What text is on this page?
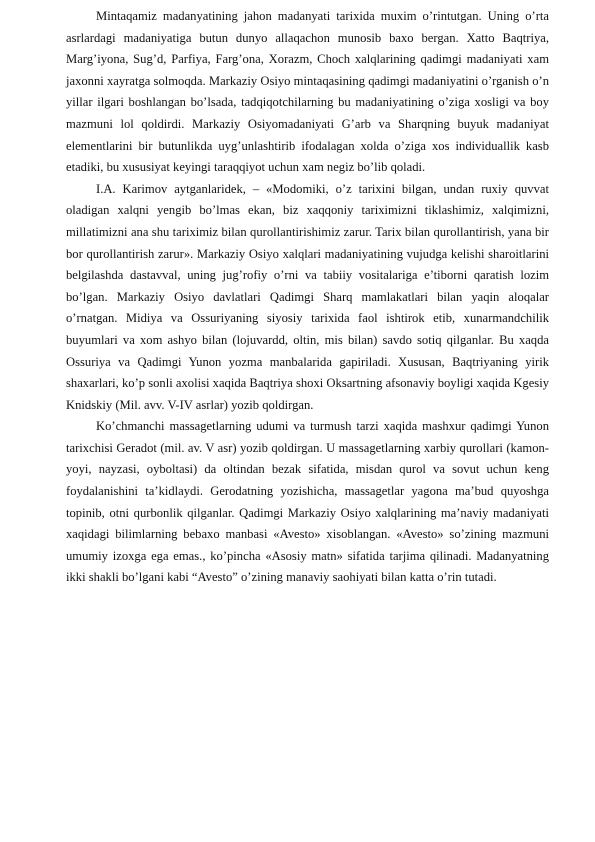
Mintaqamiz madanyatining jahon madanyati tarixida muxim o’rintutgan. Uning o’rta asrlardagi madaniyatiga butun dunyo allaqachon munosib baxo bergan. Xatto Baqtriya, Marg’iyona, Sug’d, Parfiya, Farg’ona, Xorazm, Choch xalqlarining qadimgi madaniyati xam jaxonni xayratga solmoqda. Markaziy Osiyo mintaqasining qadimgi madaniyatini o’rganish o’n yillar ilgari boshlangan bo’lsada, tadqiqotchilarning bu madaniyatining o’ziga xosligi va boy mazmuni lol qoldirdi. Markaziy Osiyomadaniyati G’arb va Sharqning buyuk madaniyat elementlarini bir butunlikda uyg’unlashtirib ifodalagan xolda o’ziga xos individuallik kasb etadiki, bu xususiyat keyingi taraqqiyot uchun xam negiz bo’lib qoladi.

I.A. Karimov aytganlaridek, – «Modomiki, o’z tarixini bilgan, undan ruxiy quvvat oladigan xalqni yengib bo’lmas ekan, biz xaqqoniy tariximizni tiklashimiz, xalqimizni, millatimizni ana shu tariximiz bilan qurollantirishimiz zarur. Tarix bilan qurollantirish, yana bir bor qurollantirish zarur». Markaziy Osiyo xalqlari madaniyatining vujudga kelishi sharoitlarini belgilashda dastavval, uning jug’rofiy o’rni va tabiiy vositalariga e’tiborni qaratish lozim bo’lgan. Markaziy Osiyo davlatlari Qadimgi Sharq mamlakatlari bilan yaqin aloqalar o’rnatgan. Midiya va Ossuriyaning siyosiy tarixida faol ishtirok etib, xunarmandchilik buyumlari va xom ashyo bilan (lojuvardd, oltin, mis bilan) savdo sotiq qilganlar. Bu xaqda Ossuriya va Qadimgi Yunon yozma manbalarida gapiriladi. Xususan, Baqtriyaning yirik shaxarlari, ko’p sonli axolisi xaqida Baqtriya shoxi Oksartning afsonaviy boyligi xaqida Kgesiy Knidskiy (Mil. avv. V-IV asrlar) yozib qoldirgan.

Ko’chmanchi massagetlarning udumi va turmush tarzi xaqida mashxur qadimgi Yunon tarixchisi Geradot (mil. av. V asr) yozib qoldirgan. U massagetlarning xarbiy qurollari (kamon-yoyi, nayzasi, oyboltasi) da oltindan bezak sifatida, misdan qurol va sovut uchun keng foydalanishini ta’kidlaydi. Gerodatning yozishicha, massagetlar yagona ma’bud quyoshga topinib, otni qurbonlik qilganlar. Qadimgi Markaziy Osiyo xalqlarining ma’naviy madaniyati xaqidagi bilimlarning bebaxo manbasi «Avesto» xisoblangan. «Avesto» so’zining mazmuni umumiy izoxga ega emas., ko’pincha «Asosiy matn» sifatida tarjima qilinadi. Madanyatning ikki shakli bo’lgani kabi “Avesto” o’zining manaviy saohiyati bilan katta o’rin tutadi.
